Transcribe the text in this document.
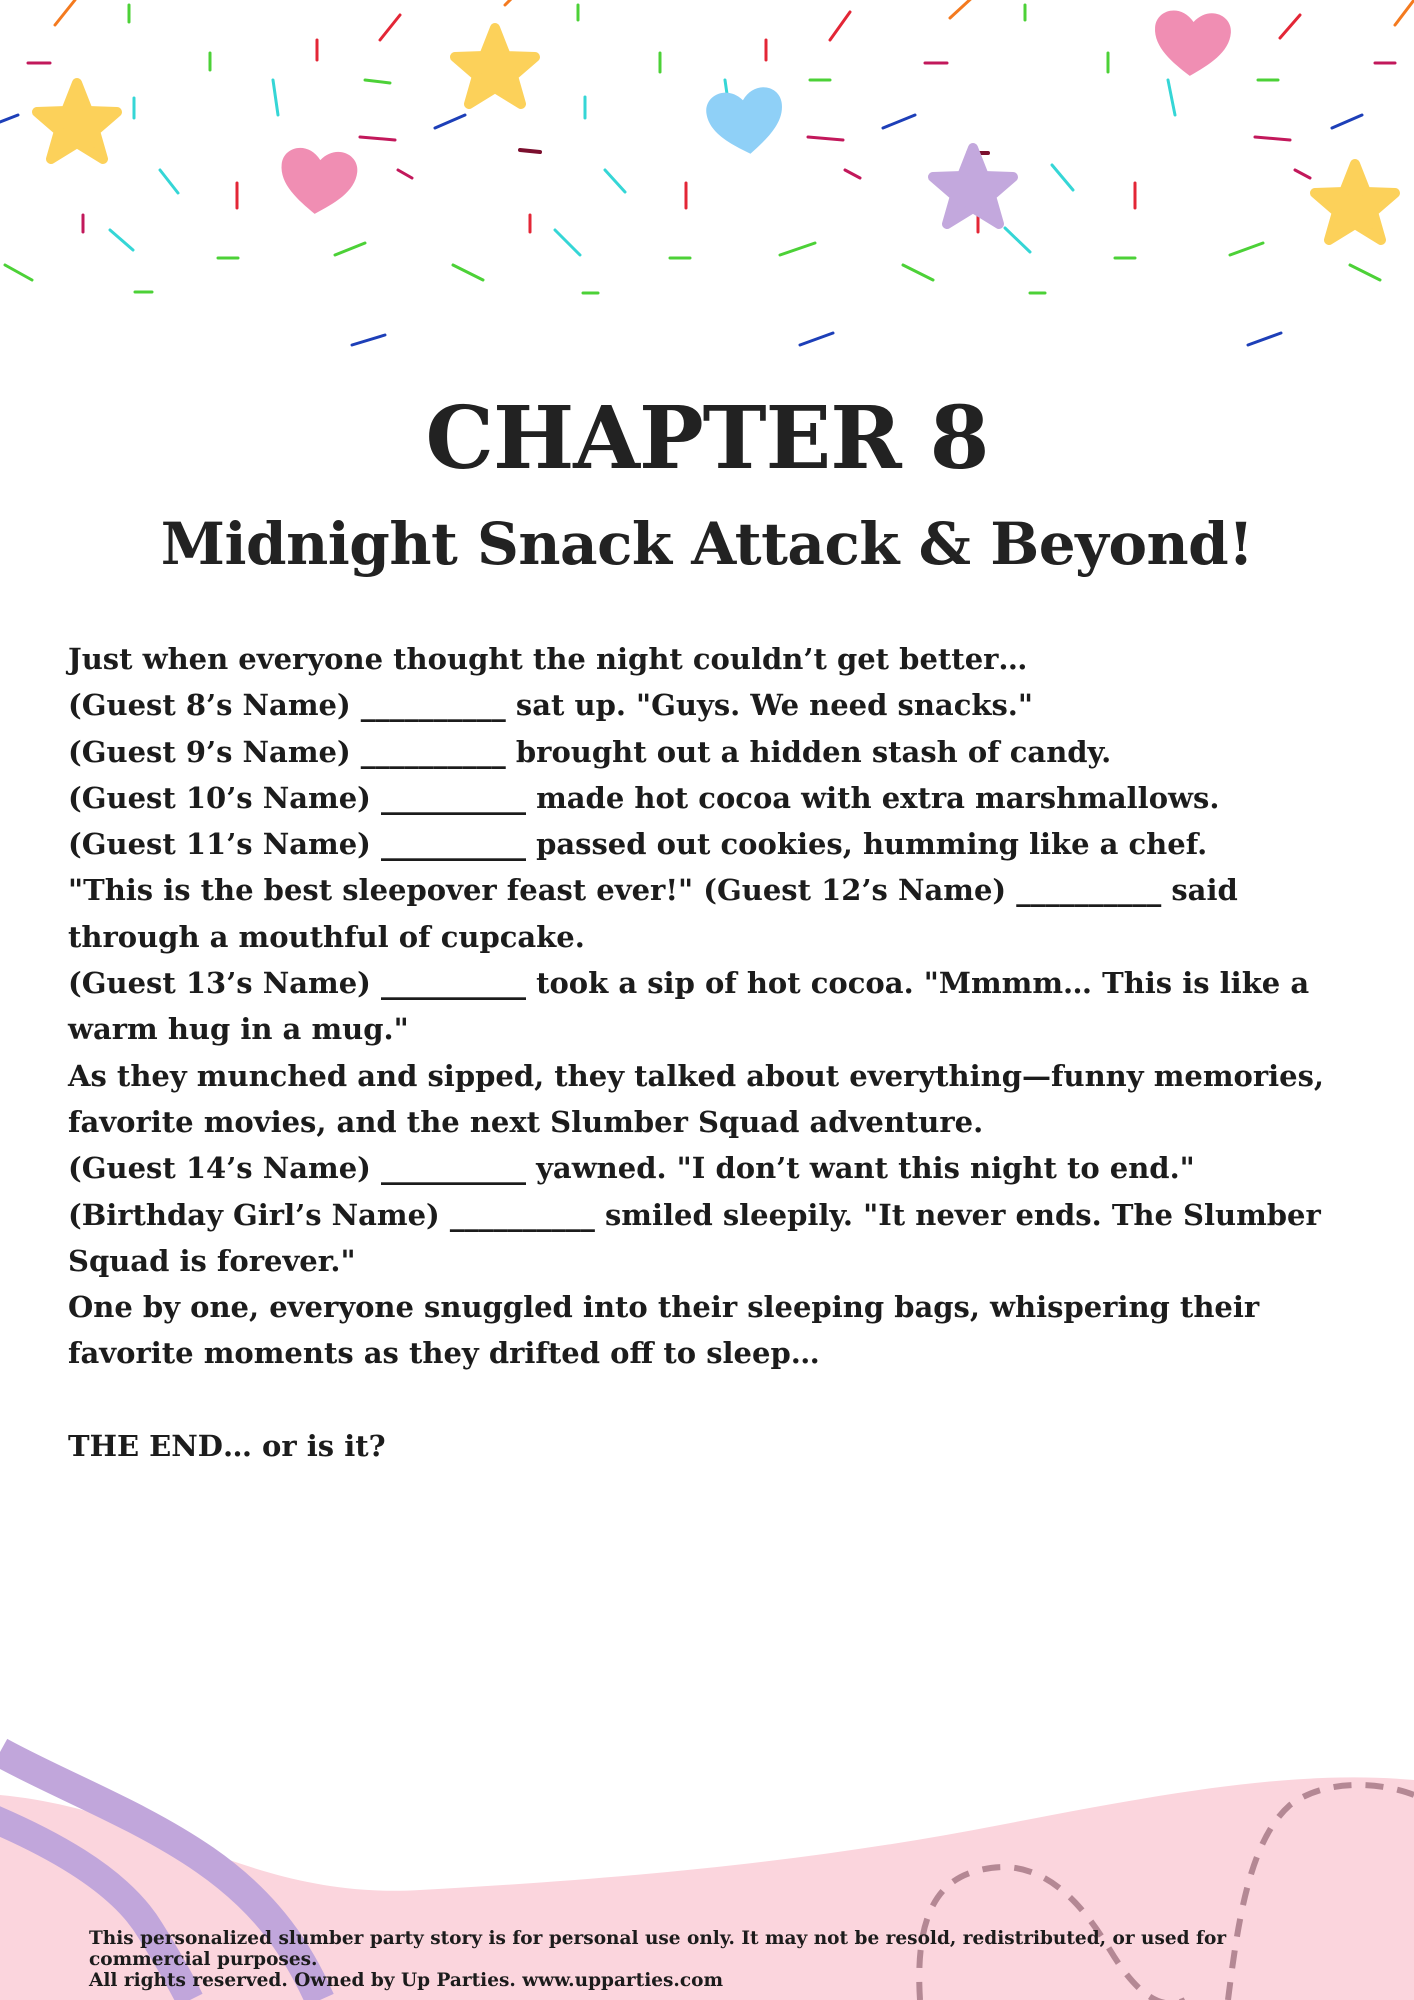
CHAPTER 8
Midnight Snack Attack & Beyond!

Just when everyone thought the night couldn’t get better…

(Guest 8’s Name) __________ sat up. "Guys. We need snacks."

(Guest 9’s Name) __________ brought out a hidden stash of candy.

(Guest 10’s Name) __________ made hot cocoa with extra marshmallows.

(Guest 11’s Name) __________ passed out cookies, humming like a chef.

"This is the best sleepover feast ever!" (Guest 12’s Name) __________ said through a mouthful of cupcake.

(Guest 13’s Name) __________ took a sip of hot cocoa. "Mmmm… This is like a warm hug in a mug."

As they munched and sipped, they talked about everything—funny memories, favorite movies, and the next Slumber Squad adventure.

(Guest 14’s Name) __________ yawned. "I don’t want this night to end."

(Birthday Girl’s Name) __________ smiled sleepily. "It never ends. The Slumber Squad is forever."

One by one, everyone snuggled into their sleeping bags, whispering their favorite moments as they drifted off to sleep…

THE END… or is it?

This personalized slumber party story is for personal use only. It may not be resold, redistributed, or used for commercial purposes.

All rights reserved. Owned by Up Parties. www.upparties.com
